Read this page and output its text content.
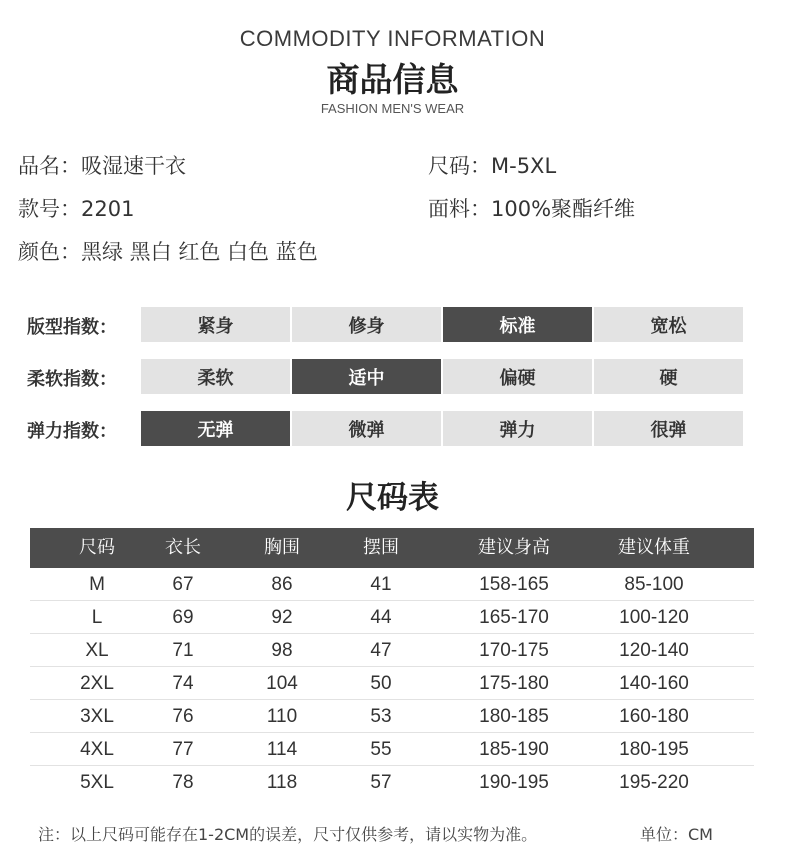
COMMODITY INFORMATION
商品信息
FASHION MEN'S WEAR
品名：吸湿速干衣	尺码：M-5XL
款号：2201	面料：100%聚酯纤维
颜色：黑绿 黑白 红色 白色 蓝色
版型指数：	紧身	修身	标准	宽松
柔软指数：	柔软	适中	偏硬	硬
弹力指数：	无弹	微弹	弹力	很弹
尺码表
尺码	衣长	胸围	摆围	建议身高	建议体重
M	67	86	41	158-165	85-100
L	69	92	44	165-170	100-120
XL	71	98	47	170-175	120-140
2XL	74	104	50	175-180	140-160
3XL	76	110	53	180-185	160-180
4XL	77	114	55	185-190	180-195
5XL	78	118	57	190-195	195-220
注：以上尺码可能存在1-2CM的误差，尺寸仅供参考，请以实物为准。	单位：CM
